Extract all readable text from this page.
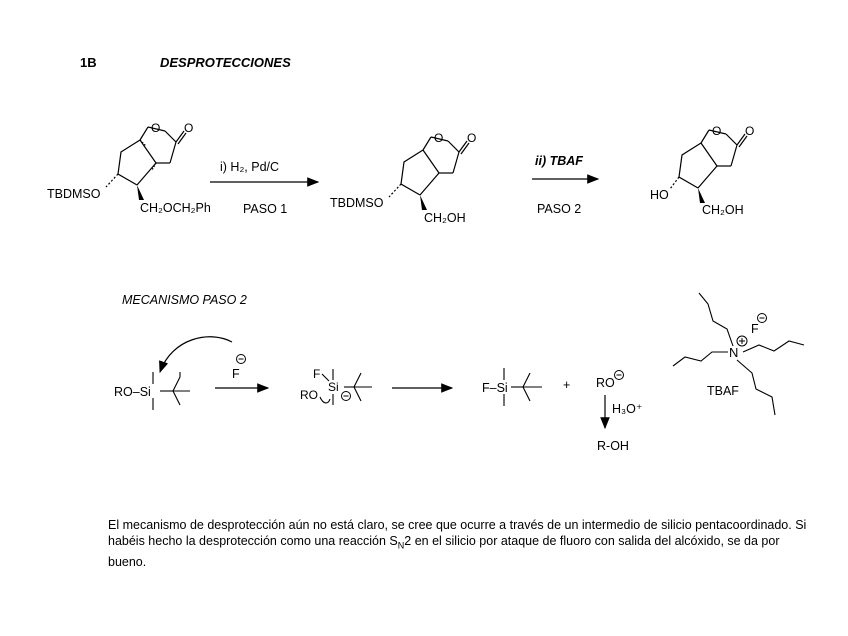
1B	DESPROTECCIONES
O O
TBDMSO
CH₂OCH₂Ph
i) H₂, Pd/C
PASO 1
O O
TBDMSO
CH₂OH
ii) TBAF
PASO 2
O O
HO
CH₂OH
MECANISMO PASO 2
RO–Si
F	F
Si
RO	F–Si	+ RO
H₃O⁺
R-OH
N
F
TBAF
El mecanismo de desprotección aún no está claro, se cree que ocurre a través de un intermedio de silicio pentacoordinado. Si habéis hecho la desprotección como una reacción $S_N2$ en el silicio por ataque de fluoro con salida del alcóxido, se da por bueno.
